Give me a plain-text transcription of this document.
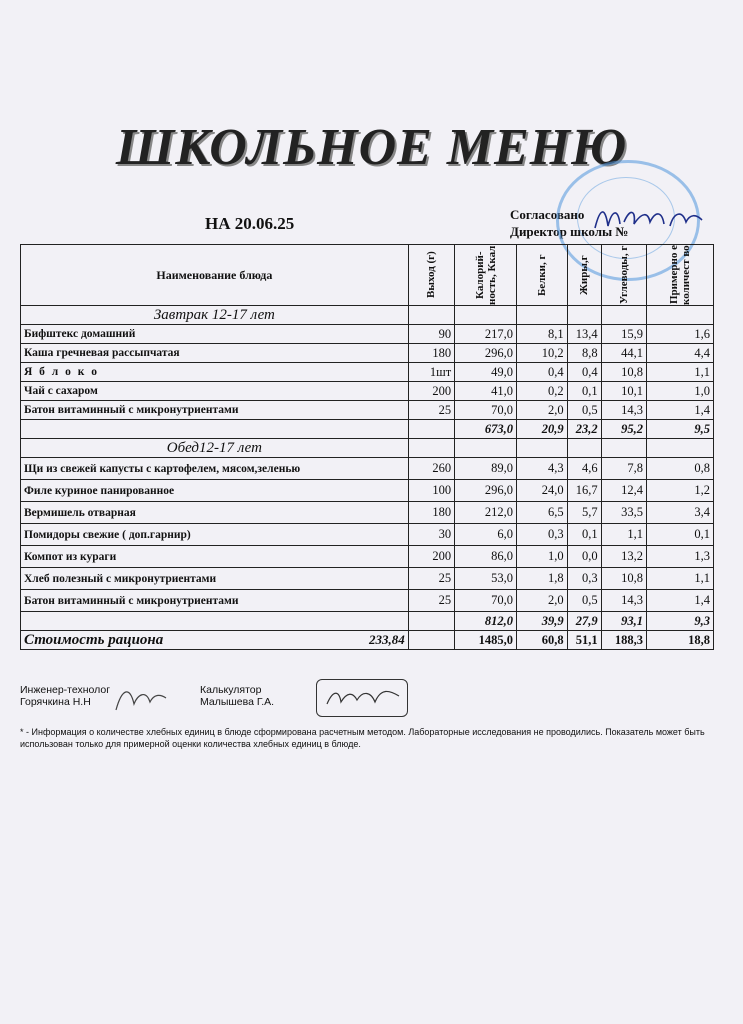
ШКОЛЬНОЕ МЕНЮ
НА 20.06.25	Согласовано
Директор школы №
Наименование блюда	Выход (г)	Калорий-ность, Ккал	Белки, г	Жиры,г	Углеводы, г	Примерно е количест во

Завтрак 12-17 лет						
Бифштекс домашний	90	217,0	8,1	13,4	15,9	1,6
Каша гречневая рассыпчатая	180	296,0	10,2	8,8	44,1	4,4
Я б л о к о	1шт	49,0	0,4	0,4	10,8	1,1
Чай с сахаром	200	41,0	0,2	0,1	10,1	1,0
Батон витаминный с микронутриентами	25	70,0	2,0	0,5	14,3	1,4
		673,0	20,9	23,2	95,2	9,5
Обед12-17 лет						
Щи из свежей капусты с картофелем, мясом,зеленью	260	89,0	4,3	4,6	7,8	0,8
Филе куриное панированное	100	296,0	24,0	16,7	12,4	1,2
Вермишель отварная	180	212,0	6,5	5,7	33,5	3,4
Помидоры свежие ( доп.гарнир)	30	6,0	0,3	0,1	1,1	0,1
Компот из кураги	200	86,0	1,0	0,0	13,2	1,3
Хлеб полезный с микронутриентами	25	53,0	1,8	0,3	10,8	1,1
Батон витаминный с микронутриентами	25	70,0	2,0	0,5	14,3	1,4
		812,0	39,9	27,9	93,1	9,3
Стоимость рациона 233,84		1485,0	60,8	51,1	188,3	18,8
Инженер-технолог
Горячкина Н.Н
Калькулятор
Малышева Г.А.
* - Информация о количестве хлебных единиц в блюде сформирована расчетным методом. Лабораторные исследования не проводились. Показатель может быть использован только для примерной оценки количества хлебных единиц в блюде.
